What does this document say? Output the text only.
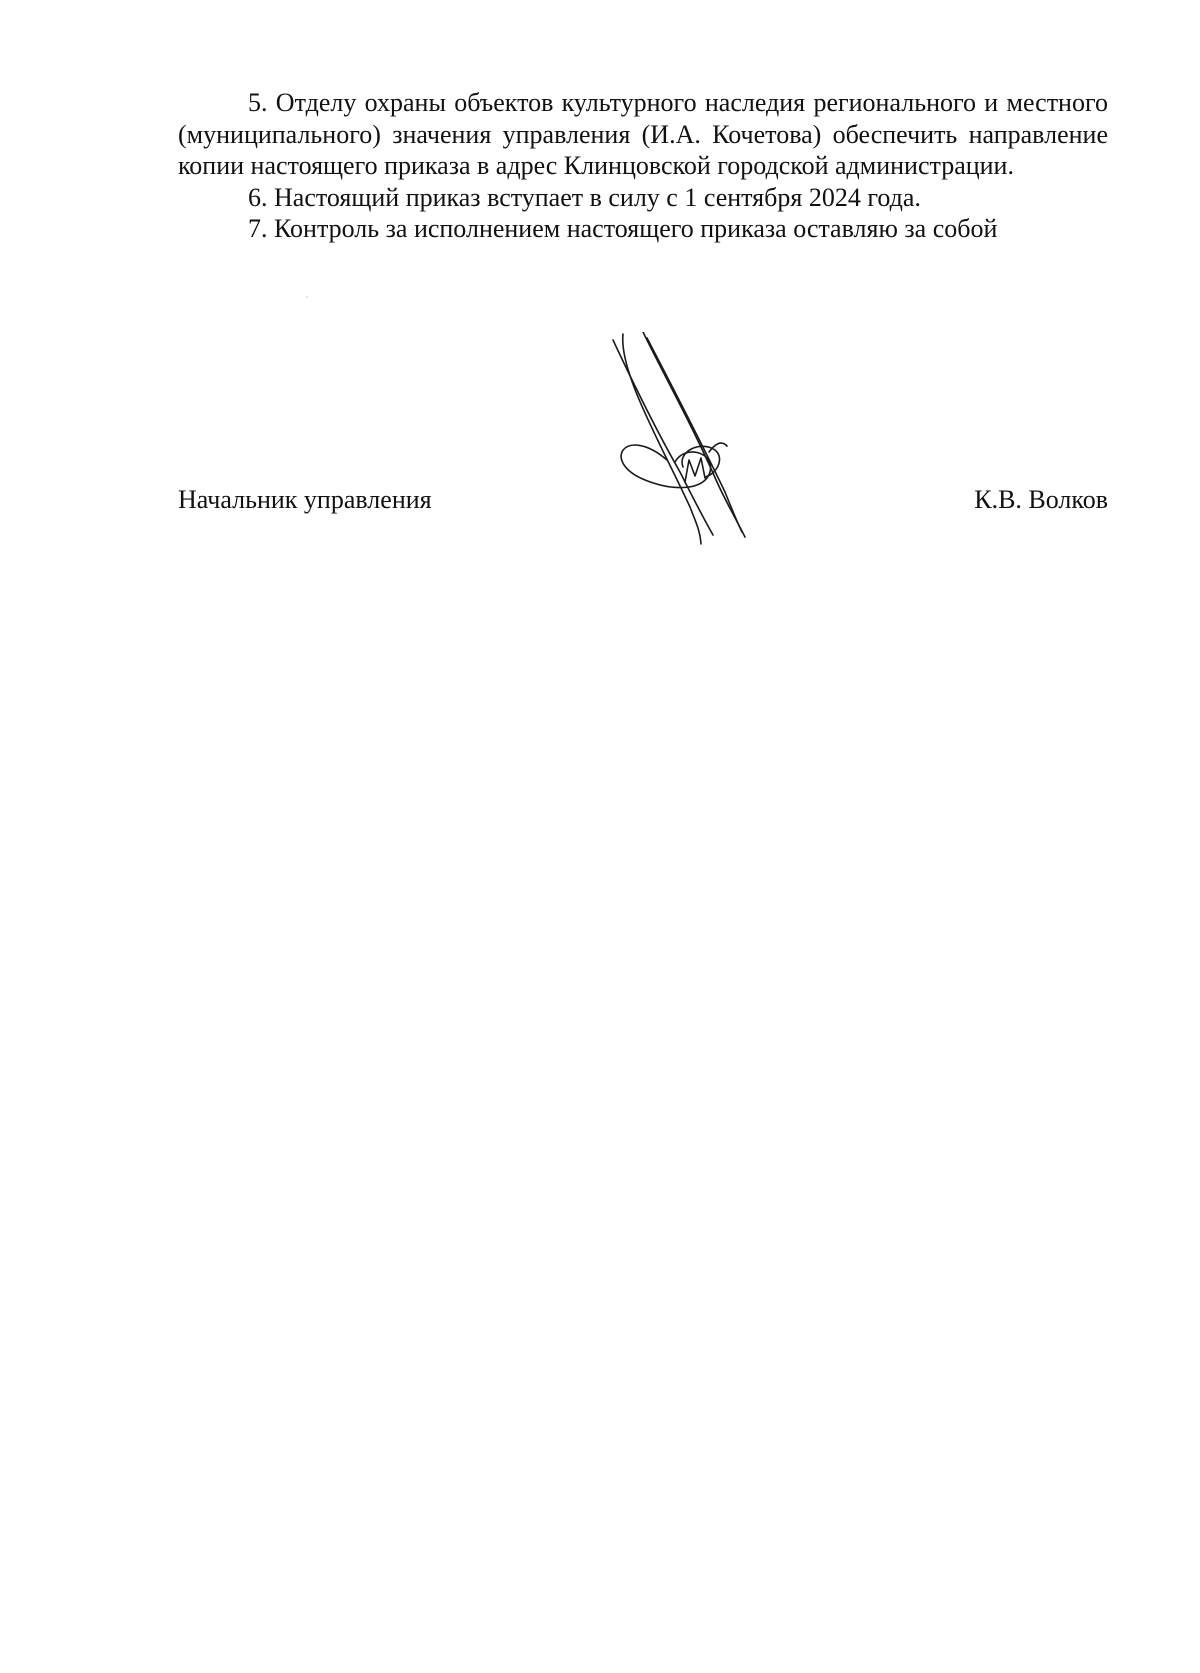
5. Отделу охраны объектов культурного наследия регионального и местного (муниципального) значения управления (И.А. Кочетова) обеспечить направление копии настоящего приказа в адрес Клинцовской городской администрации.

6. Настоящий приказ вступает в силу с 1 сентября 2024 года.

7. Контроль за исполнением настоящего приказа оставляю за собой

Начальник управления	К.В. Волков
